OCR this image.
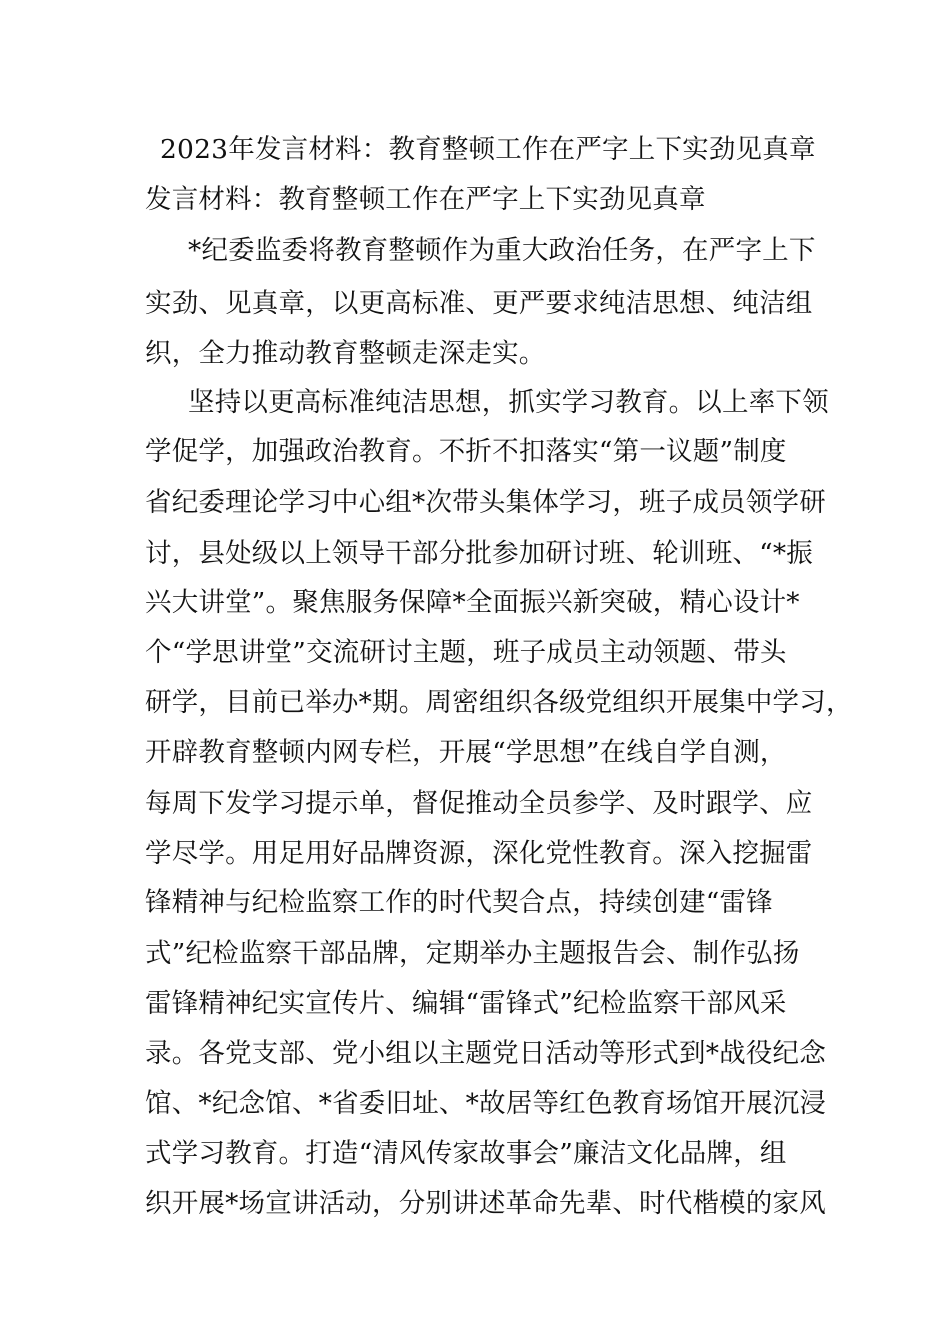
2023年发言材料：教育整顿工作在严字上下实劲见真章
发言材料：教育整顿工作在严字上下实劲见真章
*纪委监委将教育整顿作为重大政治任务，在严字上下
实劲、见真章，以更高标准、更严要求纯洁思想、纯洁组
织，全力推动教育整顿走深走实。
坚持以更高标准纯洁思想，抓实学习教育。以上率下领
学促学，加强政治教育。不折不扣落实“第一议题”制度
省纪委理论学习中心组*次带头集体学习，班子成员领学研
讨，县处级以上领导干部分批参加研讨班、轮训班、“*振
兴大讲堂”。聚焦服务保障*全面振兴新突破，精心设计*
个“学思讲堂”交流研讨主题，班子成员主动领题、带头
研学，目前已举办*期。周密组织各级党组织开展集中学习，
开辟教育整顿内网专栏，开展“学思想”在线自学自测，
每周下发学习提示单，督促推动全员参学、及时跟学、应
学尽学。用足用好品牌资源，深化党性教育。深入挖掘雷
锋精神与纪检监察工作的时代契合点，持续创建“雷锋
式”纪检监察干部品牌，定期举办主题报告会、制作弘扬
雷锋精神纪实宣传片、编辑“雷锋式”纪检监察干部风采
录。各党支部、党小组以主题党日活动等形式到*战役纪念
馆、*纪念馆、*省委旧址、*故居等红色教育场馆开展沉浸
式学习教育。打造“清风传家故事会”廉洁文化品牌，组
织开展*场宣讲活动，分别讲述革命先辈、时代楷模的家风
